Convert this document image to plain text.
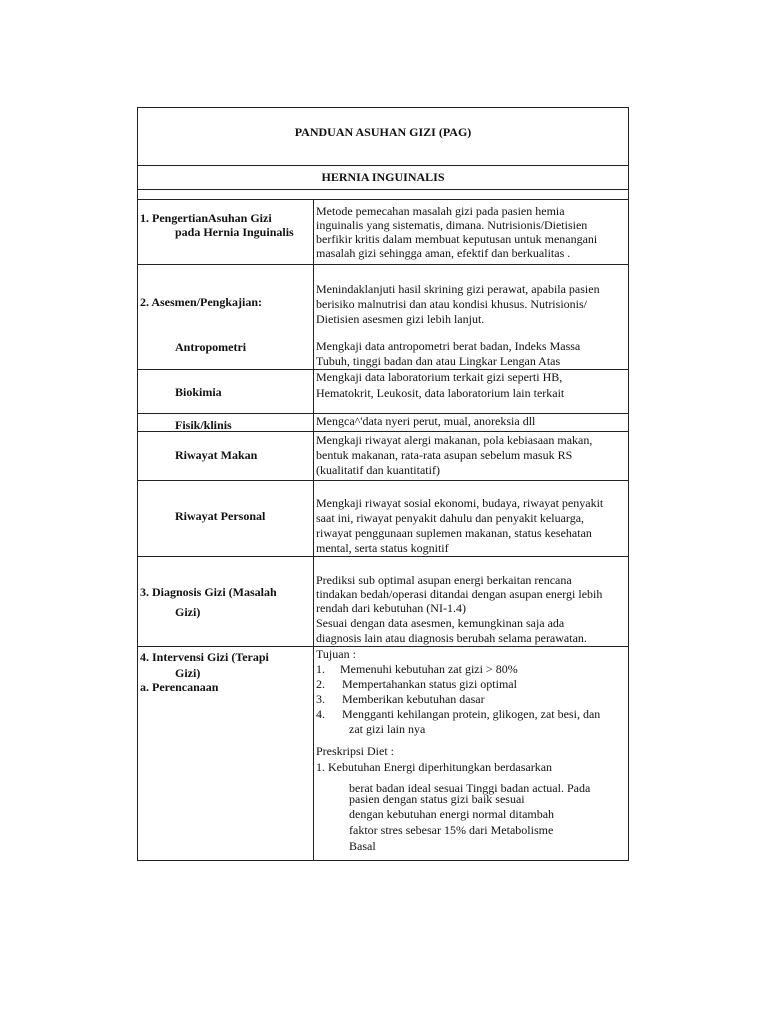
PANDUAN ASUHAN GIZI (PAG)
HERNIA INGUINALIS
1. PengertianAsuhan Gizi
pada Hernia Inguinalis
Metode pemecahan masalah gizi pada pasien hemia
inguinalis yang sistematis, dimana. Nutrisionis/Dietisien
berfikir kritis dalam membuat keputusan untuk menangani
masalah gizi sehingga aman, efektif dan berkualitas .
2. Asesmen/Pengkajian:
Menindaklanjuti hasil skrining gizi perawat, apabila pasien
berisiko malnutrisi dan atau kondisi khusus. Nutrisionis/
Dietisien asesmen gizi lebih lanjut.
Antropometri	Mengkaji data antropometri berat badan, Indeks Massa
Tubuh, tinggi badan dan atau Lingkar Lengan Atas
Biokimia
Mengkaji data laboratorium terkait gizi seperti HB,
Hematokrit, Leukosit, data laboratorium lain terkait
Fisik/klinis	Mengca^'data nyeri perut, mual, anoreksia dll
Riwayat Makan
Mengkaji riwayat alergi makanan, pola kebiasaan makan,
bentuk makanan, rata-rata asupan sebelum masuk RS
(kualitatif dan kuantitatif)
Riwayat Personal
Mengkaji riwayat sosial ekonomi, budaya, riwayat penyakit
saat ini, riwayat penyakit dahulu dan penyakit keluarga,
riwayat penggunaan suplemen makanan, status kesehatan
mental, serta status kognitif
3. Diagnosis Gizi (Masalah
Gizi)
Prediksi sub optimal asupan energi berkaitan rencana
tindakan bedah/operasi ditandai dengan asupan energi lebih
rendah dari kebutuhan (NI-1.4)
Sesuai dengan data asesmen, kemungkinan saja ada
diagnosis lain atau diagnosis berubah selama perawatan.
4. Intervensi Gizi (Terapi
Gizi)
a. Perencanaan
Tujuan :
1. Memenuhi kebutuhan zat gizi > 80%
2. Mempertahankan status gizi optimal
3. Memberikan kebutuhan dasar
4. Mengganti kehilangan protein, glikogen, zat besi, dan
zat gizi lain nya
Preskripsi Diet :
1. Kebutuhan Energi diperhitungkan berdasarkan
berat badan ideal sesuai Tinggi badan actual. Pada
pasien dengan status gizi baik sesuai
dengan kebutuhan energi normal ditambah
faktor stres sebesar 15% dari Metabolisme
Basal
